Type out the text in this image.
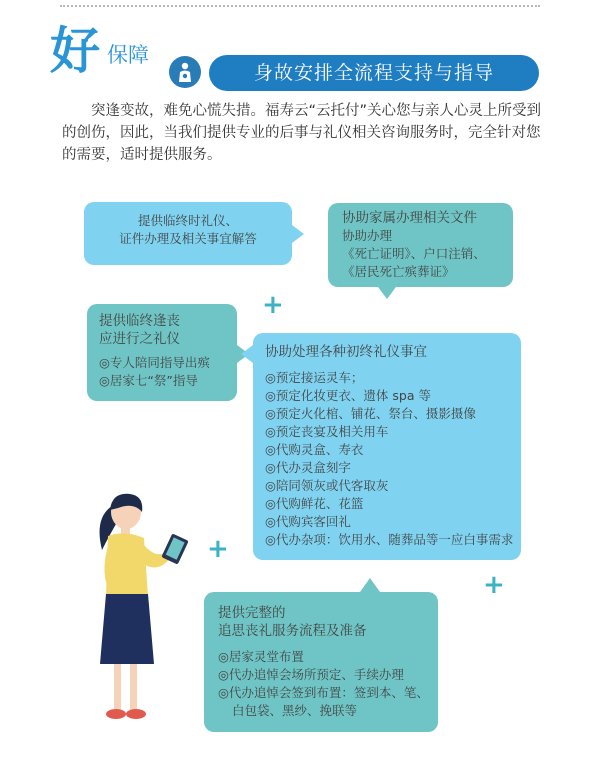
好 保障
身故安排全流程支持与指导
突逢变故，难免心慌失措。福寿云“云托付”关心您与亲人心灵上所受到的创伤，因此，当我们提供专业的后事与礼仪相关咨询服务时，完全针对您的需要，适时提供服务。
提供临终时礼仪、
证件办理及相关事宜解答
协助家属办理相关文件
协助办理
《死亡证明》、户口注销、
《居民死亡殡葬证》
提供临终逢丧
应进行之礼仪
◎专人陪同指导出殡
◎居家七“祭”指导
协助处理各种初终礼仪事宜
◎预定接运灵车；
◎预定化妆更衣、遗体 spa 等
◎预定火化棺、铺花、祭台、摄影摄像
◎预定丧宴及相关用车
◎代购灵盒、寿衣
◎代办灵盒刻字
◎陪同领灰或代客取灰
◎代购鲜花、花篮
◎代购宾客回礼
◎代办杂项：饮用水、随葬品等一应白事需求
提供完整的
追思丧礼服务流程及准备
◎居家灵堂布置
◎代办追悼会场所预定、手续办理
◎代办追悼会签到布置：签到本、笔、
白包袋、黑纱、挽联等
+
+
+
